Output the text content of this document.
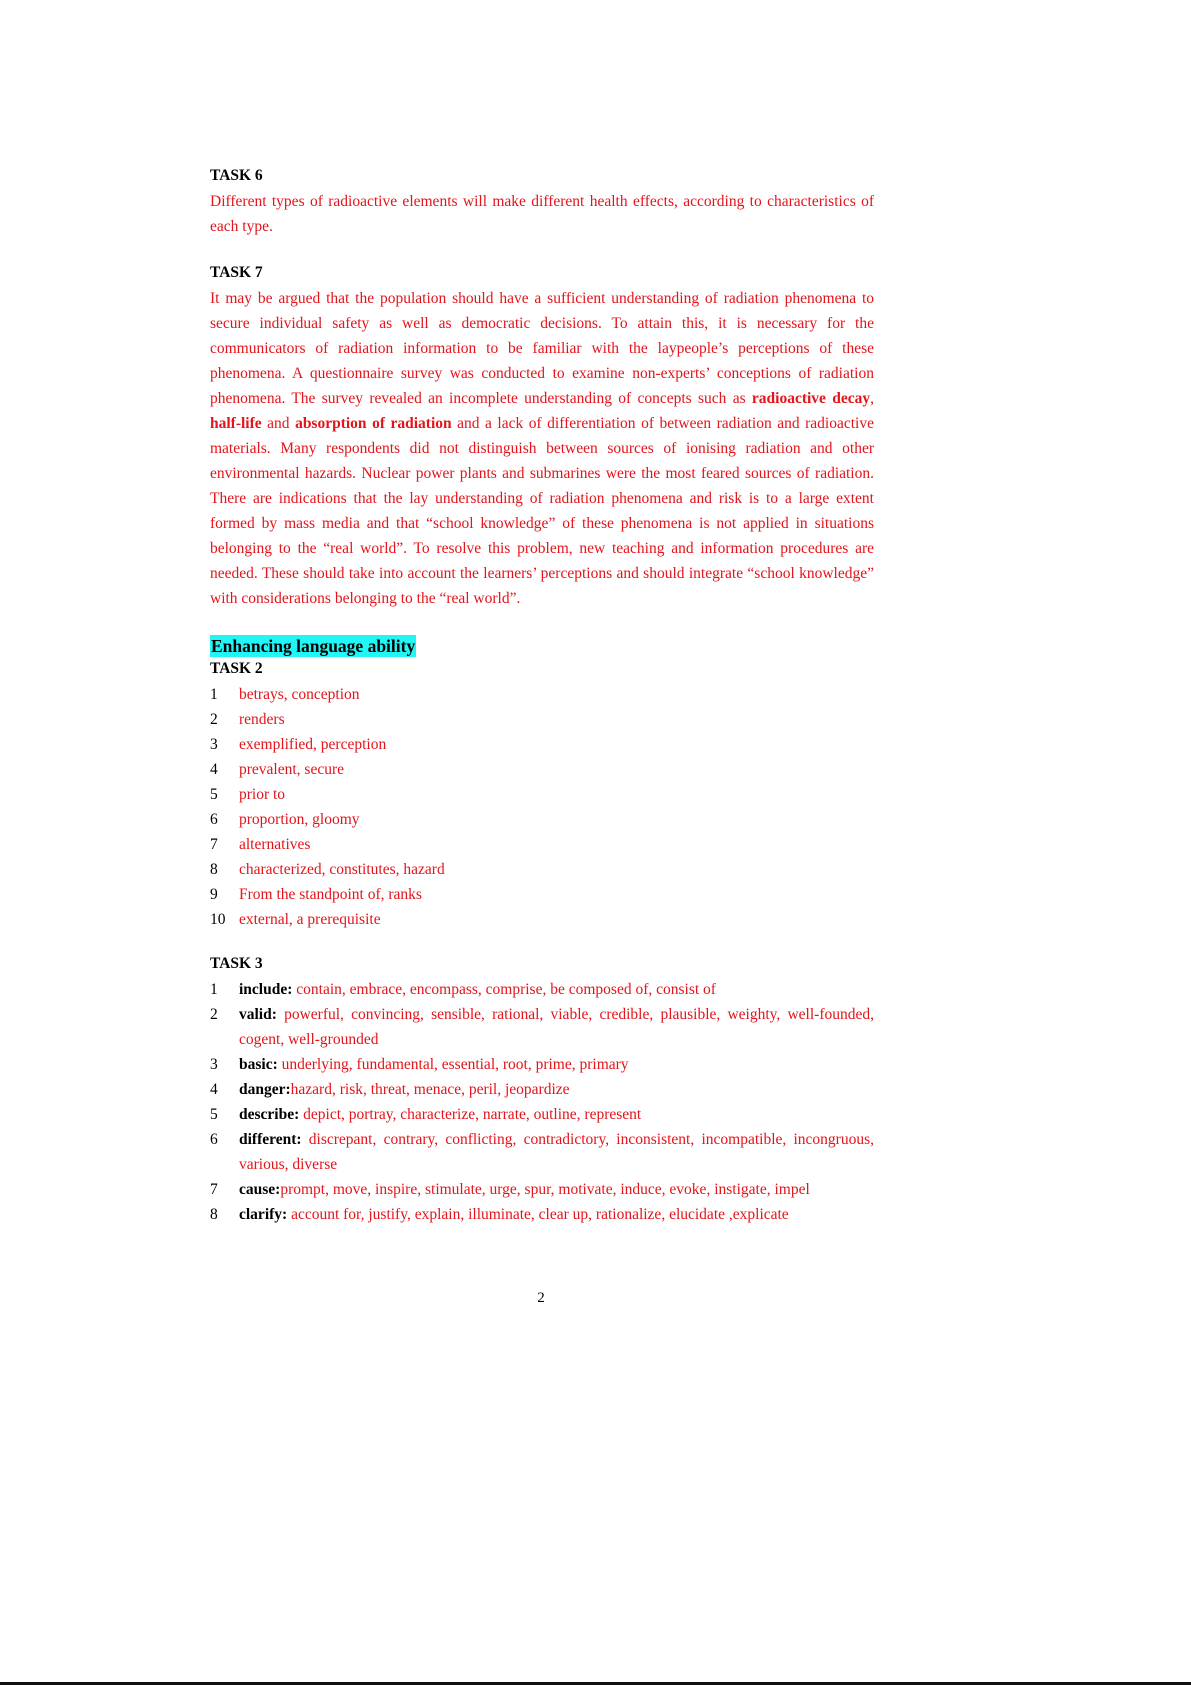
TASK 6

Different types of radioactive elements will make different health effects, according to characteristics of each type.

TASK 7

It may be argued that the population should have a sufficient understanding of radiation phenomena to secure individual safety as well as democratic decisions. To attain this, it is necessary for the communicators of radiation information to be familiar with the laypeople’s perceptions of these phenomena. A questionnaire survey was conducted to examine non-experts’ conceptions of radiation phenomena. The survey revealed an incomplete understanding of concepts such as radioactive decay, half-life and absorption of radiation and a lack of differentiation of between radiation and radioactive materials. Many respondents did not distinguish between sources of ionising radiation and other environmental hazards. Nuclear power plants and submarines were the most feared sources of radiation. There are indications that the lay understanding of radiation phenomena and risk is to a large extent formed by mass media and that “school knowledge” of these phenomena is not applied in situations belonging to the “real world”. To resolve this problem, new teaching and information procedures are needed. These should take into account the learners’ perceptions and should integrate “school knowledge” with considerations belonging to the “real world”.

Enhancing language ability

TASK 2

1	betrays, conception
2	renders
3	exemplified, perception
4	prevalent, secure
5	prior to
6	proportion, gloomy
7	alternatives
8	characterized, constitutes, hazard
9	From the standpoint of, ranks
10 external, a prerequisite

TASK 3

1	include: contain, embrace, encompass, comprise, be composed of, consist of
2	valid: powerful, convincing, sensible, rational, viable, credible, plausible, weighty, well-founded, cogent, well-grounded
3	basic: underlying, fundamental, essential, root, prime, primary
4	danger:hazard, risk, threat, menace, peril, jeopardize
5	describe: depict, portray, characterize, narrate, outline, represent
6	different: discrepant, contrary, conflicting, contradictory, inconsistent, incompatible, incongruous, various, diverse
7	cause:prompt, move, inspire, stimulate, urge, spur, motivate, induce, evoke, instigate, impel
8	clarify: account for, justify, explain, illuminate, clear up, rationalize, elucidate ,explicate
2
